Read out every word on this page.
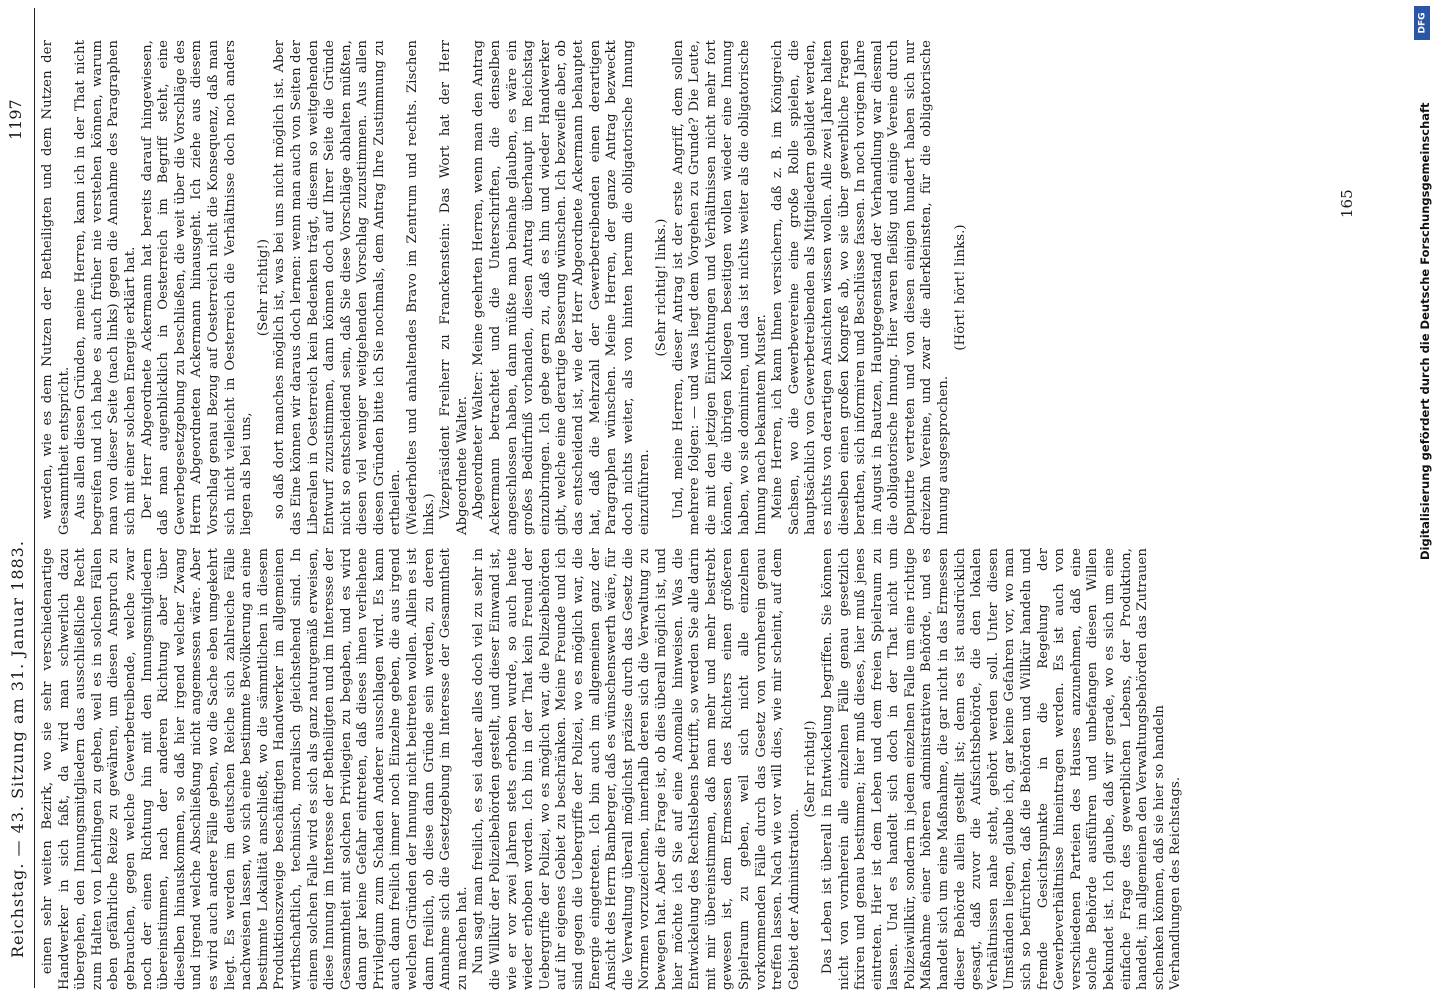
Reichstag. — 43. Sitzung am 31. Januar 1883.
1197

einen sehr weiten Bezirk, wo sie sehr verschiedenartige Handwerker in sich faßt, da wird man schwerlich dazu übergehen, den Innungsmitgliedern das ausschließliche Recht zum Halten von Lehrlingen zu geben, weil es in solchen Fällen eben gefährliche Reize zu gewähren, um diesen Anspruch zu gebrauchen, gegen welche Gewerbetreibende, welche zwar noch der einen Richtung hin mit den Innungsmitgliedern übereinstimmen, nach der anderen Richtung aber über dieselben hinauskommen, so daß hier irgend welcher Zwang und irgend welche Abschließung nicht angemessen wäre. Aber es wird auch andere Fälle geben, wo die Sache eben umgekehrt liegt. Es werden im deutschen Reiche sich zahlreiche Fälle nachweisen lassen, wo sich eine bestimmte Bevölkerung an eine bestimmte Lokalität anschließt, wo die sämmtlichen in diesem Produktionszweige beschäftigten Handwerker im allgemeinen wirthschaftlich, technisch, moralisch gleichstehend sind. In einem solchen Falle wird es sich als ganz naturgemäß erweisen, diese Innung im Interesse der Betheiligten und im Interesse der Gesammtheit mit solchen Privilegien zu begaben, und es wird dann gar keine Gefahr eintreten, daß dieses ihnen verliehene Privilegium zum Schaden Anderer ausschlagen wird. Es kann auch dann freilich immer noch Einzelne geben, die aus irgend welchen Gründen der Innung nicht beitreten wollen. Allein es ist dann freilich, ob diese dann Gründe sein werden, zu deren Annahme sich die Gesetzgebung im Interesse der Gesammtheit zu machen hat. Nun sagt man freilich, es sei daher alles doch viel zu sehr in die Willkür der Polizeibehörden gestellt, und dieser Einwand ist, wie er vor zwei Jahren stets erhoben wurde, so auch heute wieder erhoben worden. Ich bin in der That kein Freund der Uebergriffe der Polizei, wo es möglich war, die Polizeibehörden auf ihr eigenes Gebiet zu beschränken. Meine Freunde und ich sind gegen die Uebergriffe der Polizei, wo es möglich war, die Energie eingetreten. Ich bin auch im allgemeinen ganz der Ansicht des Herrn Bamberger, daß es wünschenswerth wäre, für die Verwaltung überall möglichst präzise durch das Gesetz die Normen vorzuzeichnen, innerhalb deren sich die Verwaltung zu bewegen hat. Aber die Frage ist, ob dies überall möglich ist, und hier möchte ich Sie auf eine Anomalie hinweisen. Was die Entwickelung des Rechtslebens betrifft, so werden Sie alle darin mit mir übereinstimmen, daß man mehr und mehr bestrebt gewesen ist, dem Ermessen des Richters einen größeren Spielraum zu geben, weil sich nicht alle einzelnen vorkommenden Fälle durch das Gesetz von vornherein genau treffen lassen. Nach wie vor will dies, wie mir scheint, auf dem Gebiet der Administration.

(Sehr richtig!) Das Leben ist überall in Entwickelung begriffen. Sie können nicht von vornherein alle einzelnen Fälle genau gesetzlich fixiren und genau bestimmen; hier muß dieses, hier muß jenes eintreten. Hier ist dem Leben und dem freien Spielraum zu lassen. Und es handelt sich doch in der That nicht um Polizeiwillkür, sondern in jedem einzelnen Falle um eine richtige Maßnahme einer höheren administrativen Behörde, und es handelt sich um eine Maßnahme, die gar nicht in das Ermessen dieser Behörde allein gestellt ist; denn es ist ausdrücklich gesagt, daß zuvor die Aufsichtsbehörde, die den lokalen Verhältnissen nahe steht, gehört werden soll. Unter diesen Umständen liegen, glaube ich, gar keine Gefahren vor, wo man sich so befürchten, daß die Behörden und Willkür handeln und fremde Gesichtspunkte in die Regelung der Gewerbeverhältnisse hineintragen werden. Es ist auch von verschiedenen Parteien des Hauses anzunehmen, daß eine solche Behörde ausführen und unbefangen diesen Willen bekundet ist. Ich glaube, daß wir gerade, wo es sich um eine einfache Frage des gewerblichen Lebens, der Produktion, handelt, im allgemeinen den Verwaltungsbehörden das Zutrauen schenken können, daß sie hier so handeln Verhandlungen des Reichstags.

werden, wie es dem Nutzen der Betheiligten und dem Nutzen der Gesammtheit entspricht. Aus allen diesen Gründen, meine Herren, kann ich in der That nicht begreifen und ich habe es auch früher nie verstehen können, warum man von dieser Seite (nach links) gegen die Annahme des Paragraphen sich mit einer solchen Energie erklärt hat. Der Herr Abgeordnete Ackermann hat bereits darauf hingewiesen, daß man augenblicklich in Oesterreich im Begriff steht, eine Gewerbegesetzgebung zu beschließen, die weit über die Vorschläge des Herrn Abgeordneten Ackermann hinausgeht. Ich ziehe aus diesem Vorschlag genau Bezug auf Oesterreich nicht die Konsequenz, daß man sich nicht vielleicht in Oesterreich die Verhältnisse doch noch anders liegen als bei uns,

(Sehr richtig!) so daß dort manches möglich ist, was bei uns nicht möglich ist. Aber das Eine können wir daraus doch lernen: wenn man auch von Seiten der Liberalen in Oesterreich kein Bedenken trägt, diesem so weitgehenden Entwurf zuzustimmen, dann können doch auf Ihrer Seite die Gründe nicht so entscheidend sein, daß Sie diese Vorschläge abhalten müßten, diesen viel weniger weitgehenden Vorschlag zuzustimmen. Aus allen diesen Gründen bitte ich Sie nochmals, dem Antrag Ihre Zustimmung zu ertheilen. (Wiederholtes und anhaltendes Bravo im Zentrum und rechts. Zischen links.) Vizepräsident Freiherr zu Franckenstein: Das Wort hat der Herr Abgeordnete Walter. Abgeordneter Walter: Meine geehrten Herren, wenn man den Antrag Ackermann betrachtet und die Unterschriften, die denselben angeschlossen haben, dann müßte man beinahe glauben, es wäre ein großes Bedürfniß vorhanden, diesen Antrag überhaupt im Reichstag einzubringen. Ich gebe gern zu, daß es hin und wieder Handwerker gibt, welche eine derartige Besserung wünschen. Ich bezweifle aber, ob das entscheidend ist, wie der Herr Abgeordnete Ackermann behauptet hat, daß die Mehrzahl der Gewerbetreibenden einen derartigen Paragraphen wünschen. Meine Herren, der ganze Antrag bezweckt doch nichts weiter, als von hinten herum die obligatorische Innung einzuführen.

(Sehr richtig! links.) Und, meine Herren, dieser Antrag ist der erste Angriff, dem sollen mehrere folgen: — und was liegt dem Vorgehen zu Grunde? Die Leute, die mit den jetzigen Einrichtungen und Verhältnissen nicht mehr fort können, die übrigen Kollegen beseitigen wollen wieder eine Innung haben, wo sie dominiren, und das ist nichts weiter als die obligatorische Innung nach bekanntem Muster. Meine Herren, ich kann Ihnen versichern, daß z. B. im Königreich Sachsen, wo die Gewerbevereine eine große Rolle spielen, die hauptsächlich von Gewerbetreibenden als Mitgliedern gebildet werden, es nichts von derartigen Ansichten wissen wollen. Alle zwei Jahre halten dieselben einen großen Kongreß ab, wo sie über gewerbliche Fragen berathen, sich informiren und Beschlüsse fassen. In noch vorigem Jahre im August in Bautzen, Hauptgegenstand der Verhandlung war diesmal die obligatorische Innung. Hier waren fleißig und einige Vereine durch Deputirte vertreten und von diesen einigen hundert haben sich nur dreizehn Vereine, und zwar die allerkleinsten, für die obligatorische Innung ausgesprochen.

(Hört! hört! links.)

165	Digitalisierung gefördert durch die Deutsche Forschungsgemeinschaft
DFG
